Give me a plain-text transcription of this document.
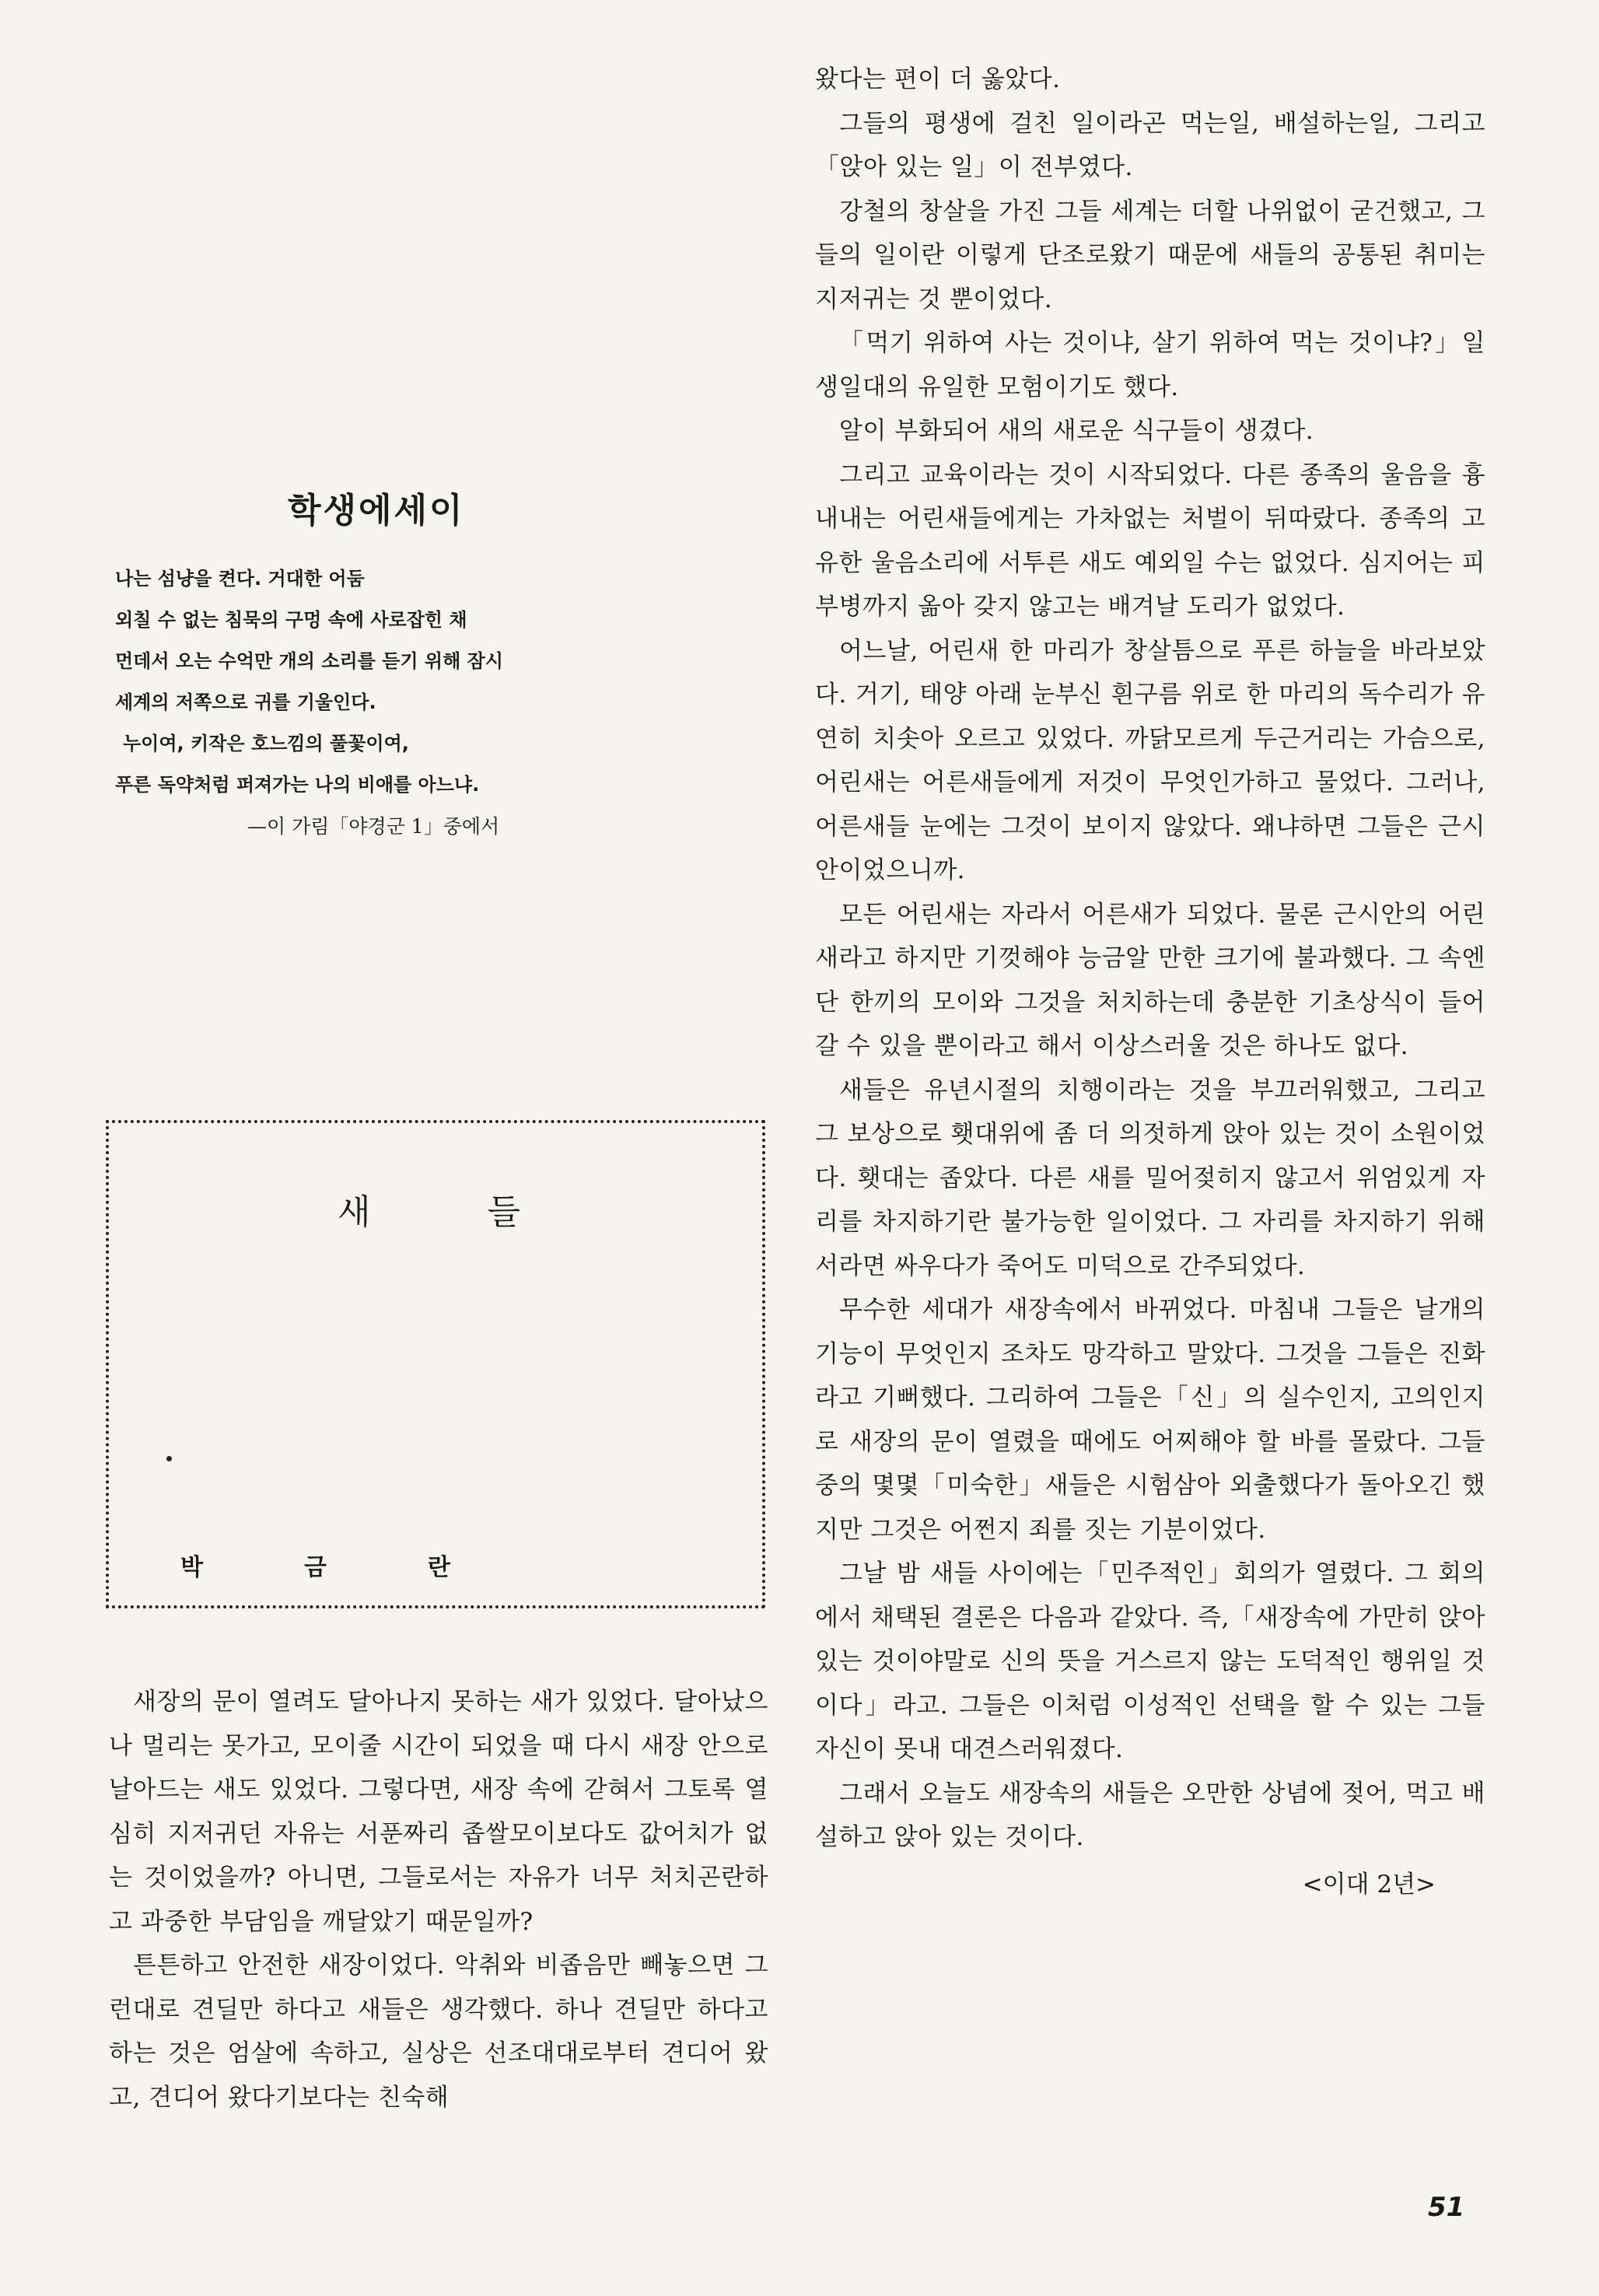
학생에세이
나는 섬냥을 켠다. 거대한 어둠
외칠 수 없는 침묵의 구멍 속에 사로잡힌 채
먼데서 오는 수억만 개의 소리를 듣기 위해 잠시
세계의 저쪽으로 귀를 기울인다.
누이여, 키작은 호느낌의 풀꽃이여,
푸른 독약처럼 퍼져가는 나의 비애를 아느냐.
—이 가림「야경군 1」중에서
새들
박금란

새장의 문이 열려도 달아나지 못하는 새가 있었다. 달아났으나 멀리는 못가고, 모이줄 시간이 되었을 때 다시 새장 안으로 날아드는 새도 있었다. 그렇다면, 새장 속에 갇혀서 그토록 열심히 지저귀던 자유는 서푼짜리 좁쌀모이보다도 값어치가 없는 것이었을까? 아니면, 그들로서는 자유가 너무 처치곤란하고 과중한 부담임을 깨달았기 때문일까?

튼튼하고 안전한 새장이었다. 악취와 비좁음만 빼놓으면 그런대로 견딜만 하다고 새들은 생각했다. 하나 견딜만 하다고 하는 것은 엄살에 속하고, 실상은 선조대대로부터 견디어 왔고, 견디어 왔다기보다는 친숙해

왔다는 편이 더 옳았다.

그들의 평생에 걸친 일이라곤 먹는일, 배설하는일, 그리고「앉아 있는 일」이 전부였다.

강철의 창살을 가진 그들 세계는 더할 나위없이 굳건했고, 그들의 일이란 이렇게 단조로왔기 때문에 새들의 공통된 취미는 지저귀는 것 뿐이었다.

「먹기 위하여 사는 것이냐, 살기 위하여 먹는 것이냐?」일생일대의 유일한 모험이기도 했다.

알이 부화되어 새의 새로운 식구들이 생겼다.

그리고 교육이라는 것이 시작되었다. 다른 종족의 울음을 흉내내는 어린새들에게는 가차없는 처벌이 뒤따랐다. 종족의 고유한 울음소리에 서투른 새도 예외일 수는 없었다. 심지어는 피부병까지 옮아 갖지 않고는 배겨날 도리가 없었다.

어느날, 어린새 한 마리가 창살틈으로 푸른 하늘을 바라보았다. 거기, 태양 아래 눈부신 흰구름 위로 한 마리의 독수리가 유연히 치솟아 오르고 있었다. 까닭모르게 두근거리는 가슴으로, 어린새는 어른새들에게 저것이 무엇인가하고 물었다. 그러나, 어른새들 눈에는 그것이 보이지 않았다. 왜냐하면 그들은 근시안이었으니까.

모든 어린새는 자라서 어른새가 되었다. 물론 근시안의 어린새라고 하지만 기껏해야 능금알 만한 크기에 불과했다. 그 속엔 단 한끼의 모이와 그것을 처치하는데 충분한 기초상식이 들어갈 수 있을 뿐이라고 해서 이상스러울 것은 하나도 없다.

새들은 유년시절의 치행이라는 것을 부끄러워했고, 그리고 그 보상으로 횃대위에 좀 더 의젓하게 앉아 있는 것이 소원이었다. 횃대는 좁았다. 다른 새를 밀어젖히지 않고서 위엄있게 자리를 차지하기란 불가능한 일이었다. 그 자리를 차지하기 위해서라면 싸우다가 죽어도 미덕으로 간주되었다.

무수한 세대가 새장속에서 바뀌었다. 마침내 그들은 날개의 기능이 무엇인지 조차도 망각하고 말았다. 그것을 그들은 진화라고 기뻐했다. 그리하여 그들은「신」의 실수인지, 고의인지로 새장의 문이 열렸을 때에도 어찌해야 할 바를 몰랐다. 그들 중의 몇몇「미숙한」새들은 시험삼아 외출했다가 돌아오긴 했지만 그것은 어쩐지 죄를 짓는 기분이었다.

그날 밤 새들 사이에는「민주적인」회의가 열렸다. 그 회의에서 채택된 결론은 다음과 같았다. 즉,「새장속에 가만히 앉아있는 것이야말로 신의 뜻을 거스르지 않는 도덕적인 행위일 것이다」라고. 그들은 이처럼 이성적인 선택을 할 수 있는 그들 자신이 못내 대견스러워졌다.

그래서 오늘도 새장속의 새들은 오만한 상념에 젖어, 먹고 배설하고 앉아 있는 것이다.

<이대 2년>
51
